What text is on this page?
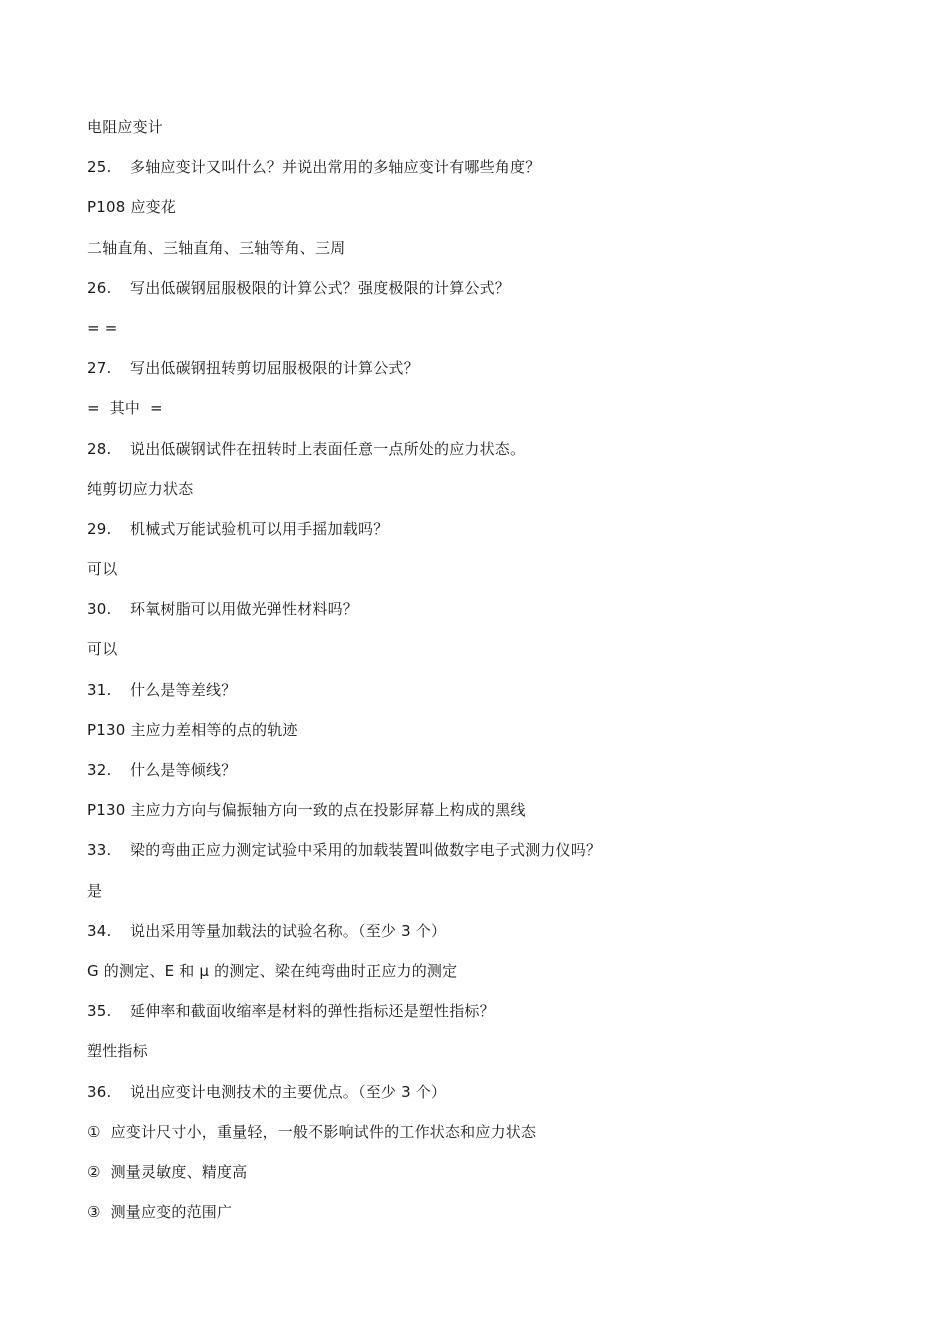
电阻应变计
25. 多轴应变计又叫什么？并说出常用的多轴应变计有哪些角度？
P108 应变花
二轴直角、三轴直角、三轴等角、三周
26. 写出低碳钢屈服极限的计算公式？强度极限的计算公式？
= =
27. 写出低碳钢扭转剪切屈服极限的计算公式？
=  其中  =
28. 说出低碳钢试件在扭转时上表面任意一点所处的应力状态。
纯剪切应力状态
29. 机械式万能试验机可以用手摇加载吗？
可以
30. 环氧树脂可以用做光弹性材料吗？
可以
31. 什么是等差线？
P130 主应力差相等的点的轨迹
32. 什么是等倾线？
P130 主应力方向与偏振轴方向一致的点在投影屏幕上构成的黑线
33. 梁的弯曲正应力测定试验中采用的加载装置叫做数字电子式测力仪吗？
是
34. 说出采用等量加载法的试验名称。（至少 3 个）
G 的测定、E 和 μ 的测定、梁在纯弯曲时正应力的测定
35. 延伸率和截面收缩率是材料的弹性指标还是塑性指标？
塑性指标
36. 说出应变计电测技术的主要优点。（至少 3 个）
①  应变计尺寸小，重量轻，一般不影响试件的工作状态和应力状态
②  测量灵敏度、精度高
③  测量应变的范围广
